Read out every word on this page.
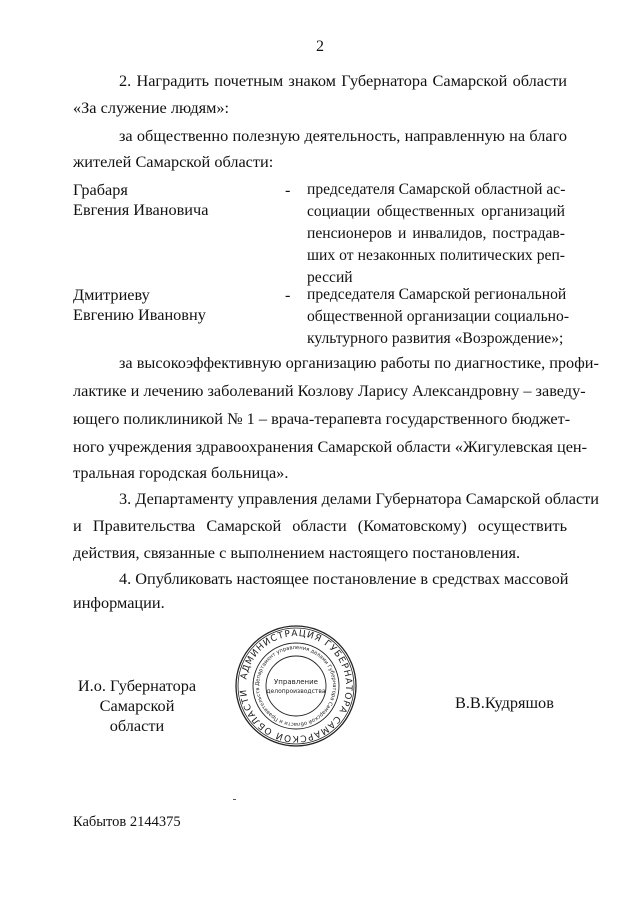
2
2. Наградить почетным знаком Губернатора Самарской области
«За служение людям»:
за общественно полезную деятельность, направленную на благо
жителей Самарской области:
Грабаря
Евгения Ивановича
- председателя Самарской областной ас-
социации общественных организаций
пенсионеров и инвалидов, пострадав-
ших от незаконных политических реп-
рессий
Дмитриеву
Евгению Ивановну
- председателя Самарской региональной
общественной организации социально-
культурного развития «Возрождение»;
за высокоэффективную организацию работы по диагностике, профи-
лактике и лечению заболеваний Козлову Ларису Александровну – заведу-
ющего поликлиникой № 1 – врача-терапевта государственного бюджет-
ного учреждения здравоохранения Самарской области «Жигулевская цен-
тральная городская больница».
3. Департаменту управления делами Губернатора Самарской области
и Правительства Самарской области (Коматовскому) осуществить
действия, связанные с выполнением настоящего постановления.
4. Опубликовать настоящее постановление в средствах массовой
информации.
И.о. Губернатора
Самарской области
В.В.Кудряшов
АДМИНИСТРАЦИЯ ГУБЕРНАТОРА САМАРСКОЙ ОБЛАСТИ
Департамент управления делами Губернатора Самарской области и Правительств
Управление
делопроизводства
Кабытов 2144375
